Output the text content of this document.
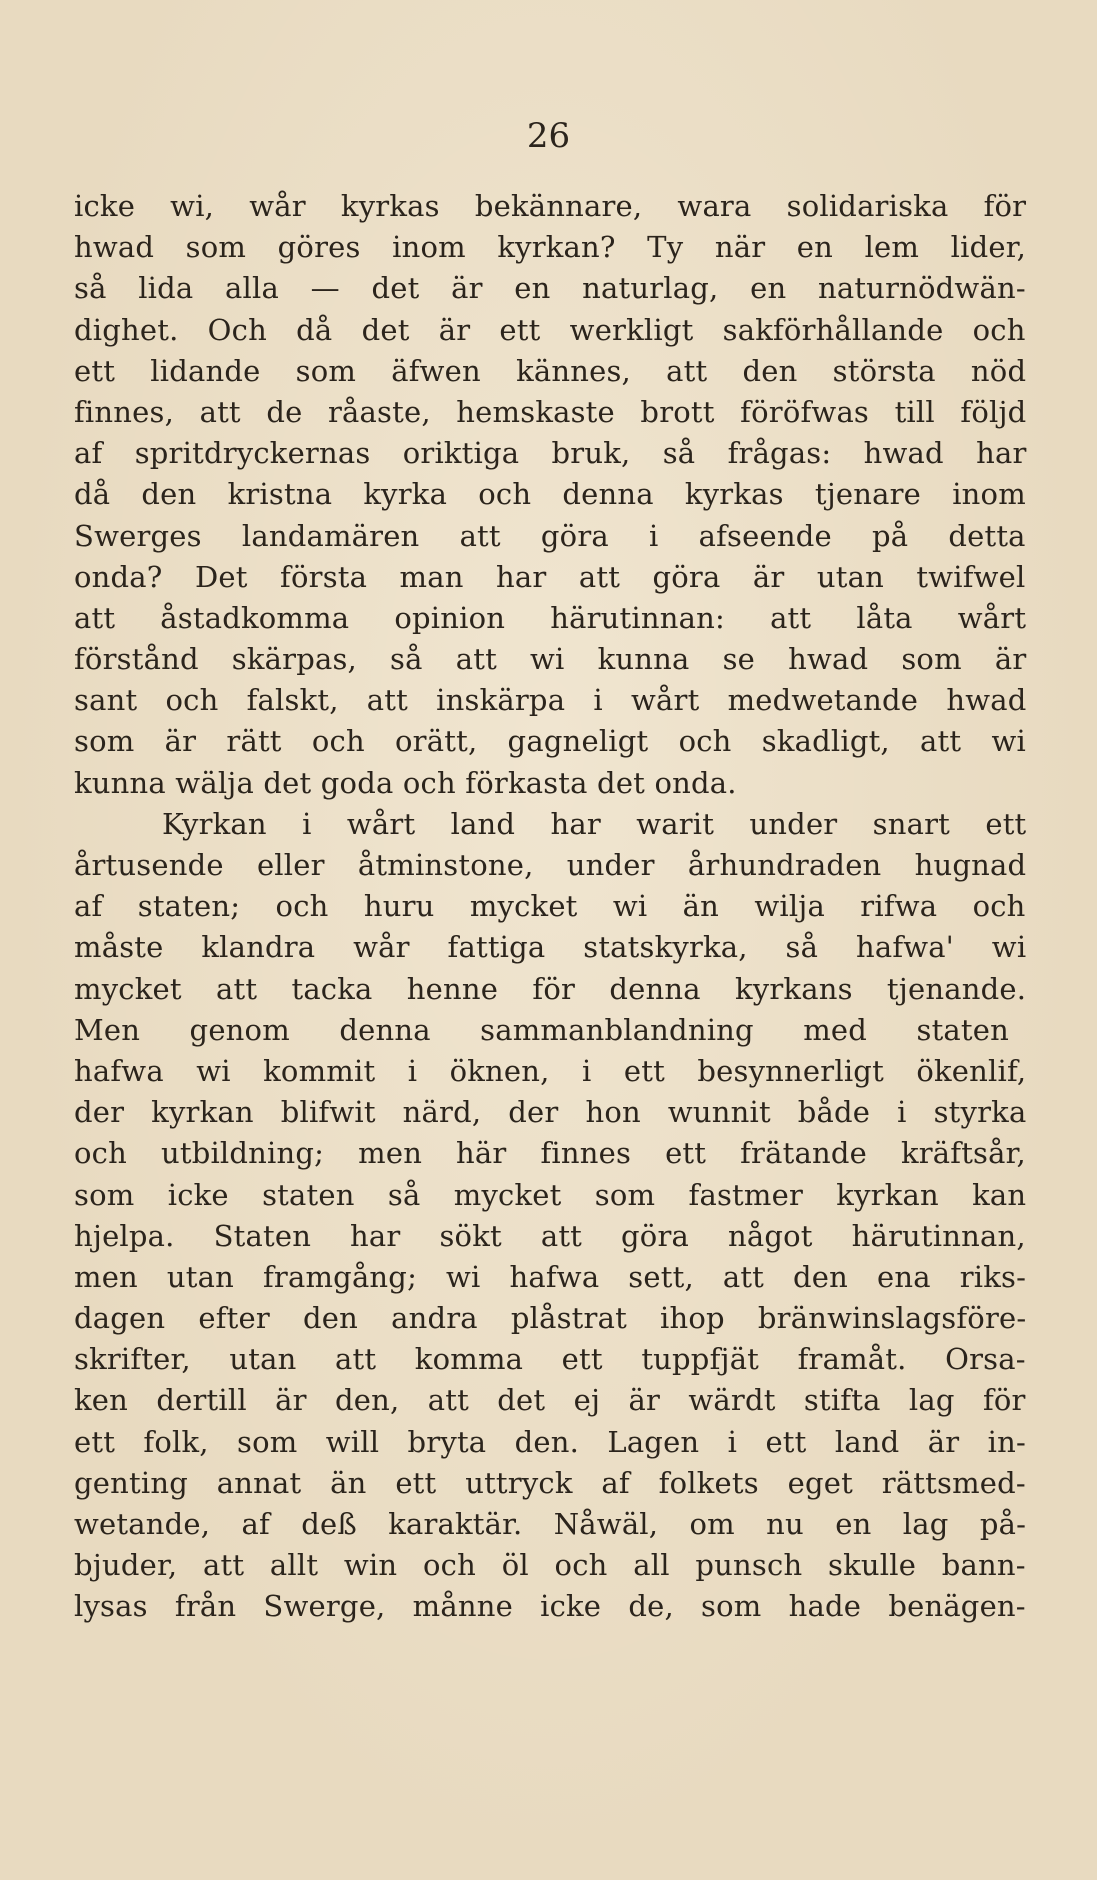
26
icke wi, wår kyrkas bekännare, wara solidariska för
hwad som göres inom kyrkan? Ty när en lem lider,
så lida alla — det är en naturlag, en naturnödwän-
dighet. Och då det är ett werkligt sakförhållande och
ett lidande som äfwen kännes, att den största nöd
finnes, att de råaste, hemskaste brott föröfwas till följd
af spritdryckernas oriktiga bruk, så frågas: hwad har
då den kristna kyrka och denna kyrkas tjenare inom
Swerges landamären att göra i afseende på detta
onda? Det första man har att göra är utan twifwel
att åstadkomma opinion härutinnan: att låta wårt
förstånd skärpas, så att wi kunna se hwad som är
sant och falskt, att inskärpa i wårt medwetande hwad
som är rätt och orätt, gagneligt och skadligt, att wi
kunna wälja det goda och förkasta det onda.
Kyrkan i wårt land har warit under snart ett
årtusende eller åtminstone, under århundraden hugnad
af staten; och huru mycket wi än wilja rifwa och
måste klandra wår fattiga statskyrka, så hafwa' wi
mycket att tacka henne för denna kyrkans tjenande.
Men genom denna sammanblandning med staten
hafwa wi kommit i öknen, i ett besynnerligt ökenlif,
der kyrkan blifwit närd, der hon wunnit både i styrka
och utbildning; men här finnes ett frätande kräftsår,
som icke staten så mycket som fastmer kyrkan kan
hjelpa. Staten har sökt att göra något härutinnan,
men utan framgång; wi hafwa sett, att den ena riks-
dagen efter den andra plåstrat ihop bränwinslagsföre-
skrifter, utan att komma ett tuppfjät framåt. Orsa-
ken dertill är den, att det ej är wärdt stifta lag för
ett folk, som will bryta den. Lagen i ett land är in-
genting annat än ett uttryck af folkets eget rättsmed-
wetande, af deß karaktär. Nåwäl, om nu en lag på-
bjuder, att allt win och öl och all punsch skulle bann-
lysas från Swerge, månne icke de, som hade benägen-
